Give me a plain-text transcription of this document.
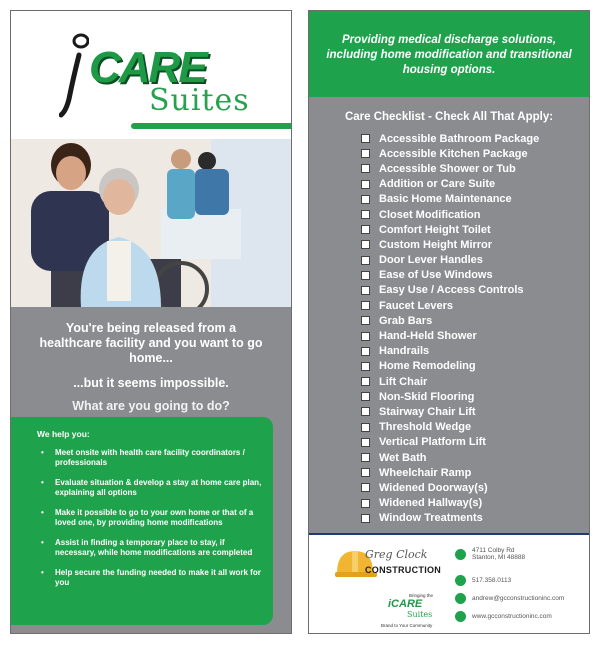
CARE
Suites
You're being released from a healthcare facility and you want to go home...
...but it seems impossible.
What are you going to do?
We help you:
• Meet onsite with health care facility coordinators / professionals
• Evaluate situation & develop a stay at home care plan, explaining all options
• Make it possible to go to your own home or that of a loved one, by providing home modifications
• Assist in finding a temporary place to stay, if necessary, while home modifications are completed
• Help secure the funding needed to make it all work for you
Providing medical discharge solutions, including home modification and transitional housing options.
Care Checklist - Check All That Apply:
Accessible Bathroom Package
Accessible Kitchen Package
Accessible Shower or Tub
Addition or Care Suite
Basic Home Maintenance
Closet Modification
Comfort Height Toilet
Custom Height Mirror
Door Lever Handles
Ease of Use Windows
Easy Use / Access Controls
Faucet Levers
Grab Bars
Hand-Held Shower
Handrails
Home Remodeling
Lift Chair
Non-Skid Flooring
Stairway Chair Lift
Threshold Wedge
Vertical Platform Lift
Wet Bath
Wheelchair Ramp
Widened Doorway(s)
Widened Hallway(s)
Window Treatments
Greg Clock
CONSTRUCTION
Bringing the
iCARE
Suites
Brand to Your Community
4711 Colby Rd
Stanton, MI 48888
517.358.0113
andrew@gcconstructioninc.com
www.gcconstructioninc.com
